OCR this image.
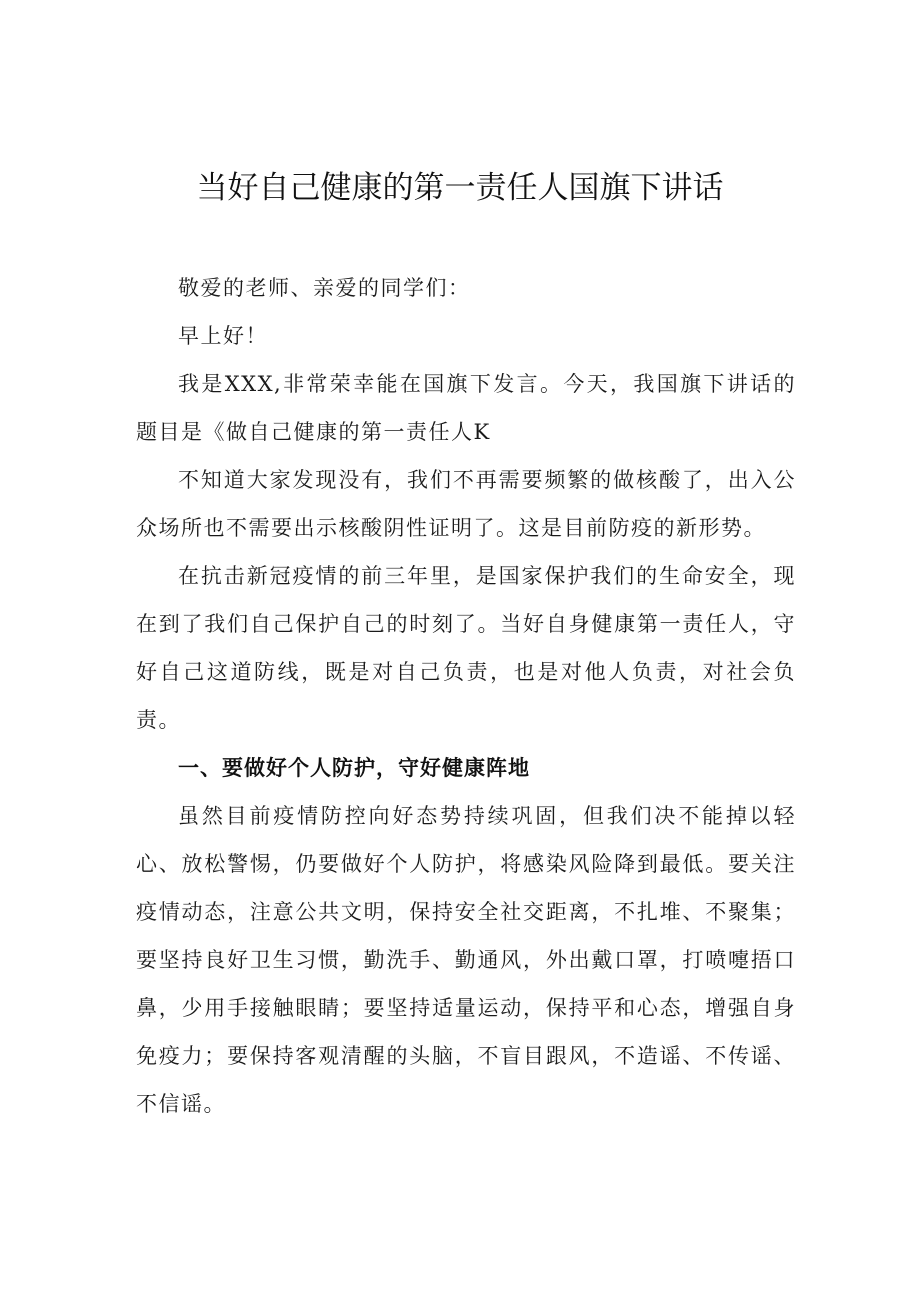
当好自己健康的第一责任人国旗下讲话

敬爱的老师、亲爱的同学们：

早上好！

我是XXX,非常荣幸能在国旗下发言。今天，我国旗下讲话的题目是《做自己健康的第一责任人K

不知道大家发现没有，我们不再需要频繁的做核酸了，出入公众场所也不需要出示核酸阴性证明了。这是目前防疫的新形势。

在抗击新冠疫情的前三年里，是国家保护我们的生命安全，现在到了我们自己保护自己的时刻了。当好自身健康第一责任人，守好自己这道防线，既是对自己负责，也是对他人负责，对社会负责。

一、要做好个人防护，守好健康阵地

虽然目前疫情防控向好态势持续巩固，但我们决不能掉以轻心、放松警惕，仍要做好个人防护，将感染风险降到最低。要关注疫情动态，注意公共文明，保持安全社交距离，不扎堆、不聚集；要坚持良好卫生习惯，勤洗手、勤通风，外出戴口罩，打喷嚏捂口鼻，少用手接触眼睛；要坚持适量运动，保持平和心态，增强自身免疫力；要保持客观清醒的头脑，不盲目跟风，不造谣、不传谣、不信谣。
